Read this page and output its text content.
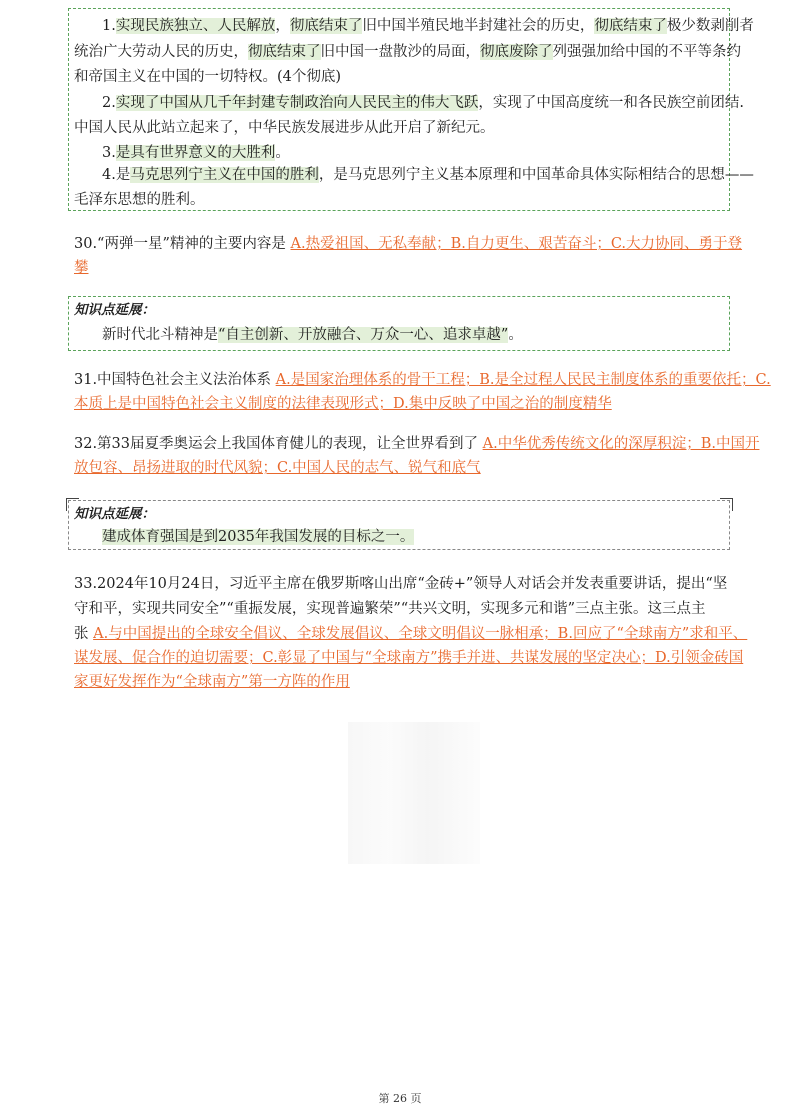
1.实现民族独立、人民解放，彻底结束了旧中国半殖民地半封建社会的历史，彻底结束了极少数剥削者
统治广大劳动人民的历史，彻底结束了旧中国一盘散沙的局面，彻底废除了列强强加给中国的不平等条约
和帝国主义在中国的一切特权。(4个彻底)
2.实现了中国从几千年封建专制政治向人民民主的伟大飞跃，实现了中国高度统一和各民族空前团结.
中国人民从此站立起来了，中华民族发展进步从此开启了新纪元。
3.是具有世界意义的大胜利。
4.是马克思列宁主义在中国的胜利，是马克思列宁主义基本原理和中国革命具体实际相结合的思想——
毛泽东思想的胜利。
30.“两弹一星”精神的主要内容是 A.热爱祖国、无私奉献；B.自力更生、艰苦奋斗；C.大力协同、勇于登
攀
知识点延展：
新时代北斗精神是“自主创新、开放融合、万众一心、追求卓越”。
31.中国特色社会主义法治体系 A.是国家治理体系的骨干工程；B.是全过程人民民主制度体系的重要依托；C.
本质上是中国特色社会主义制度的法律表现形式；D.集中反映了中国之治的制度精华
32.第33届夏季奥运会上我国体育健儿的表现，让全世界看到了 A.中华优秀传统文化的深厚积淀；B.中国开
放包容、昂扬进取的时代风貌；C.中国人民的志气、锐气和底气
知识点延展：
建成体育强国是到2035年我国发展的目标之一。
33.2024年10月24日，习近平主席在俄罗斯喀山出席“金砖+”领导人对话会并发表重要讲话，提出“坚
守和平，实现共同安全”“重振发展，实现普遍繁荣”“共兴文明，实现多元和谐”三点主张。这三点主
张 A.与中国提出的全球安全倡议、全球发展倡议、全球文明倡议一脉相承；B.回应了“全球南方”求和平、
谋发展、促合作的迫切需要；C.彰显了中国与“全球南方”携手并进、共谋发展的坚定决心；D.引领金砖国
家更好发挥作为“全球南方”第一方阵的作用
第 26 页
